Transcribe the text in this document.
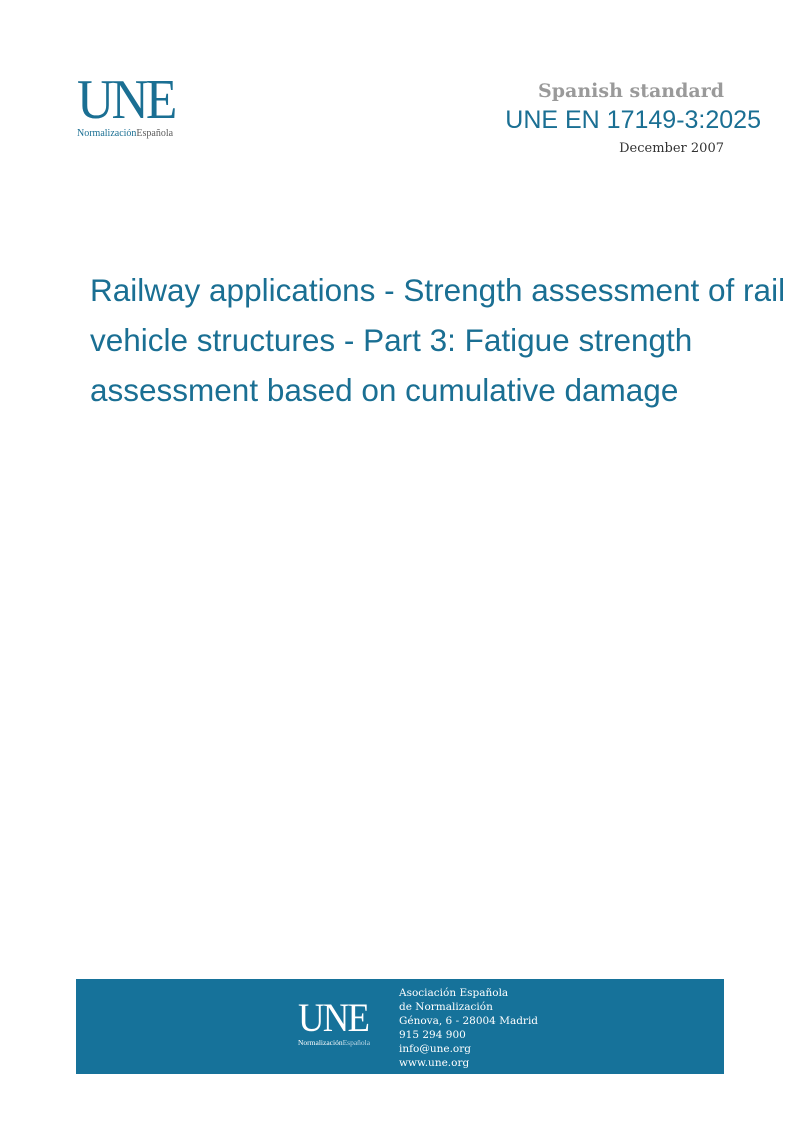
UNE
NormalizaciónEspañola
Spanish standard
UNE EN 17149-3:2025
December 2007
Railway applications - Strength assessment of rail vehicle structures - Part 3: Fatigue strength assessment based on cumulative damage
UNE
NormalizaciónEspañola
Asociación Española
de Normalización
Génova, 6 - 28004 Madrid
915 294 900
info@une.org
www.une.org
